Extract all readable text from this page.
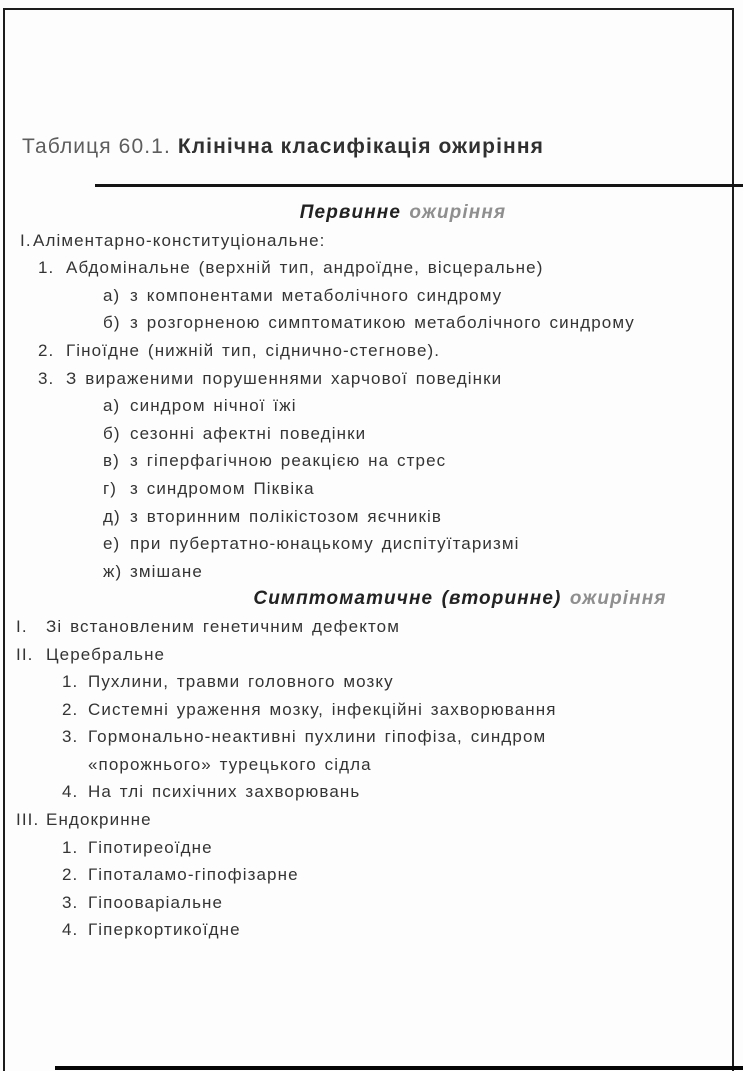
Таблиця 60.1. Клінічна класифікація ожиріння
Первинне ожиріння
I. Аліментарно-конституціональне:
1. Абдомінальне (верхній тип, андроїдне, вісцеральне)
а) з компонентами метаболічного синдрому
б) з розгорненою симптоматикою метаболічного синдрому
2. Гіноїдне (нижній тип, сіднично-стегнове).
3. З вираженими порушеннями харчової поведінки
а) синдром нічної їжі
б) сезонні афектні поведінки
в) з гіперфагічною реакцією на стрес
г) з синдромом Піквіка
д) з вторинним полікістозом яєчників
е) при пубертатно-юнацькому диспітуїтаризмі
ж) змішане
Симптоматичне (вторинне) ожиріння
I.	Зі встановленим генетичним дефектом
II. Церебральне
1. Пухлини, травми головного мозку
2. Системні ураження мозку, інфекційні захворювання
3. Гормонально-неактивні пухлини гіпофіза, синдром
«порожнього» турецького сідла
4. На тлі психічних захворювань
III. Ендокринне
1. Гіпотиреоїдне
2. Гіпоталамо-гіпофізарне
3. Гіпооваріальне
4. Гіперкортикоїдне
